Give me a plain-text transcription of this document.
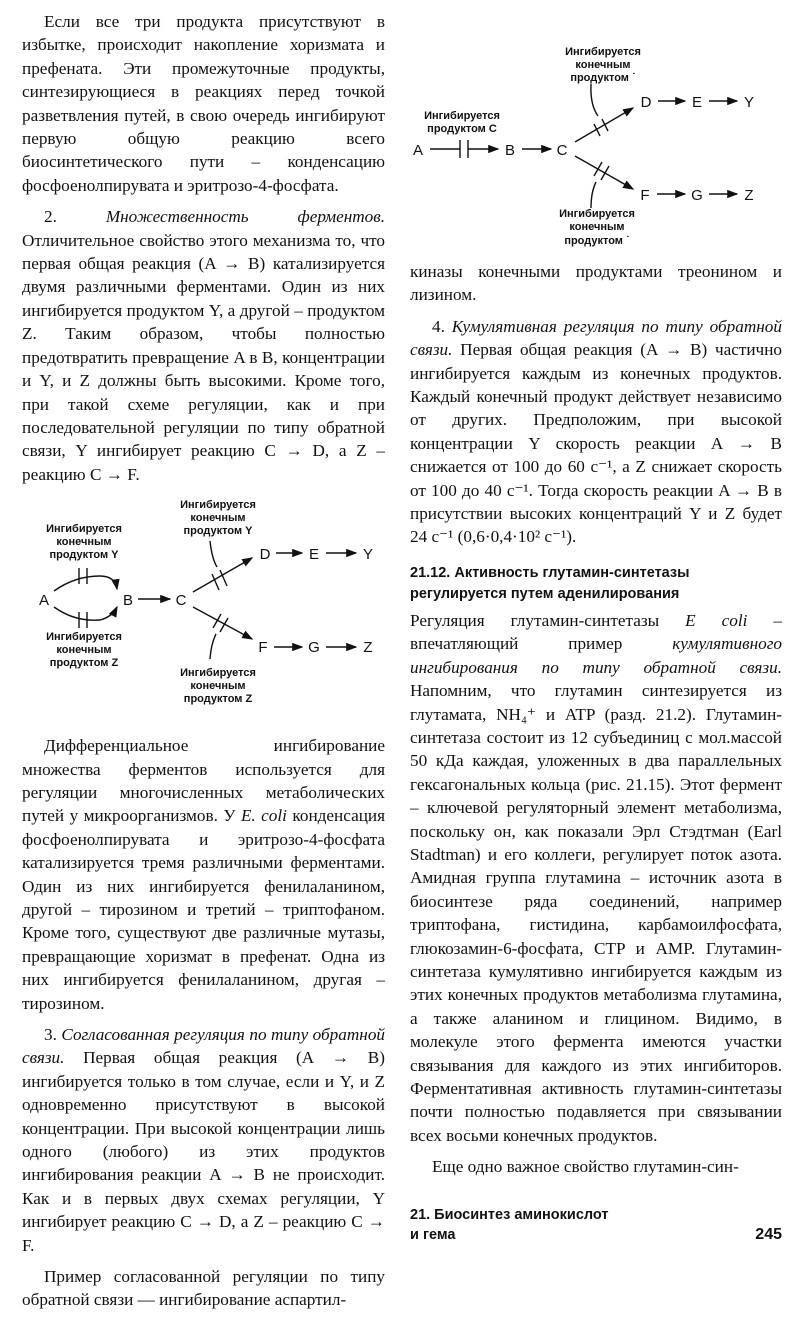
Если все три продукта присутствуют в избытке, происходит накопление хоризмата и префената. Эти промежуточные продукты, синтезирующиеся в реакциях перед точкой разветвления путей, в свою очередь ингибируют первую общую реакцию всего биосинтетического пути – конденсацию фосфоенолпирувата и эритрозо-4-фосфата.

2. Множественность ферментов. Отличительное свойство этого механизма то, что первая общая реакция (A → B) катализируется двумя различными ферментами. Один из них ингибируется продуктом Y, а другой – продуктом Z. Таким образом, чтобы полностью предотвратить превращение A в B, концентрации и Y, и Z должны быть высокими. Кроме того, при такой схеме регуляции, как и при последовательной регуляции по типу обратной связи, Y ингибирует реакцию C → D, а Z – реакцию C → F.

Ингибируется
конечным
продуктом Y
Ингибируется
конечным
продуктом Y
Ингибируется
конечным
продуктом Z
Ингибируется
конечным
продуктом Z
A	B	C
D	E	Y
F	G	Z

Дифференциальное ингибирование множества ферментов используется для регуляции многочисленных метаболических путей у микроорганизмов. У E. coli конденсация фосфоенолпирувата и эритрозо-4-фосфата катализируется тремя различными ферментами. Один из них ингибируется фенилаланином, другой – тирозином и третий – триптофаном. Кроме того, существуют две различные мутазы, превращающие хоризмат в префенат. Одна из них ингибируется фенилаланином, другая – тирозином.

3. Согласованная регуляция по типу обратной связи. Первая общая реакция (A → B) ингибируется только в том случае, если и Y, и Z одновременно присутствуют в высокой концентрации. При высокой концентрации лишь одного (любого) из этих продуктов ингибирования реакции A → B не происходит. Как и в первых двух схемах регуляции, Y ингибирует реакцию C → D, а Z – реакцию C → F.

Пример согласованной регуляции по типу обратной связи — ингибирование аспартил-

Ингибируется
конечным
продуктом ˙
Ингибируется
продуктом C
Ингибируется
конечным
продуктом ˙
A	B	C
D	E	Y
F	G	Z

киназы конечными продуктами треонином и лизином.

4. Кумулятивная регуляция по типу обратной связи. Первая общая реакция (A → B) частично ингибируется каждым из конечных продуктов. Каждый конечный продукт действует независимо от других. Предположим, при высокой концентрации Y скорость реакции A → B снижается от 100 до 60 с⁻¹, а Z снижает скорость от 100 до 40 с⁻¹. Тогда скорость реакции A → B в присутствии высоких концентраций Y и Z будет 24 с⁻¹ (0,6·0,4·10² с⁻¹).

21.12. Активность глутамин-синтетазы регулируется путем аденилирования

Регуляция глутамин-синтетазы E coli – впечатляющий пример кумулятивного ингибирования по типу обратной связи. Напомним, что глутамин синтезируется из глутамата, NH₄⁺ и ATP (разд. 21.2). Глутамин-синтетаза состоит из 12 субъединиц с мол.массой 50 кДа каждая, уложенных в два параллельных гексагональных кольца (рис. 21.15). Этот фермент – ключевой регуляторный элемент метаболизма, поскольку он, как показали Эрл Стэдтман (Earl Stadtman) и его коллеги, регулирует поток азота. Амидная группа глутамина – источник азота в биосинтезе ряда соединений, например триптофана, гистидина, карбамоилфосфата, глюкозамин-6-фосфата, CTP и AMP. Глутамин-синтетаза кумулятивно ингибируется каждым из этих конечных продуктов метаболизма глутамина, а также аланином и глицином. Видимо, в молекуле этого фермента имеются участки связывания для каждого из этих ингибиторов. Ферментативная активность глутамин-синтетазы почти полностью подавляется при связывании всех восьми конечных продуктов.

Еще одно важное свойство глутамин-син-

21. Биосинтез аминокислот
и гема	245
